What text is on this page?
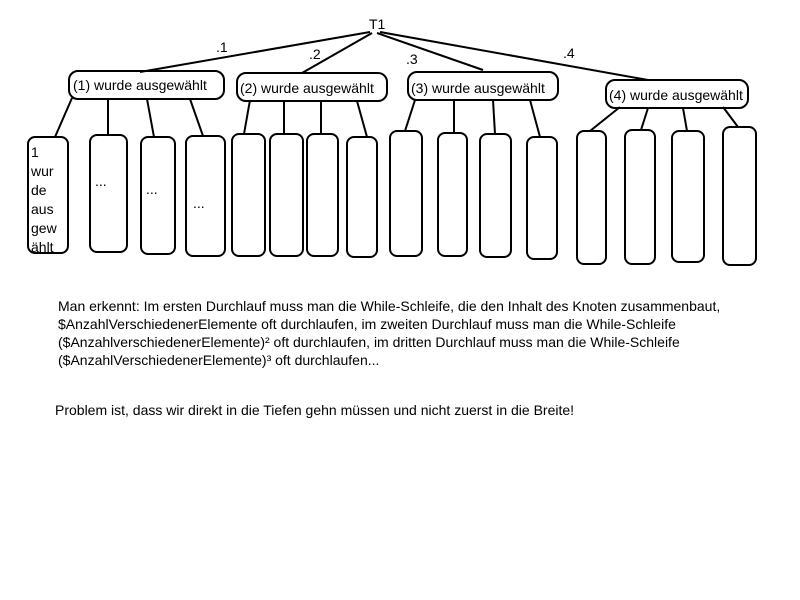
T1
.1	.2	.3	.4
(1) wurde ausgewählt (2) wurde ausgewählt	(3) wurde ausgewählt	(4) wurde ausgewählt
1
wur
de
aus
gew
ählt
...	...
...
Man erkennt: Im ersten Durchlauf muss man die While-Schleife, die den Inhalt des Knoten zusammenbaut, $AnzahlVerschiedenerElemente oft durchlaufen, im zweiten Durchlauf muss man die While-Schleife ($AnzahlverschiedenerElemente)² oft durchlaufen, im dritten Durchlauf muss man die While-Schleife ($AnzahlVerschiedenerElemente)³ oft durchlaufen...
Problem ist, dass wir direkt in die Tiefen gehn müssen und nicht zuerst in die Breite!
